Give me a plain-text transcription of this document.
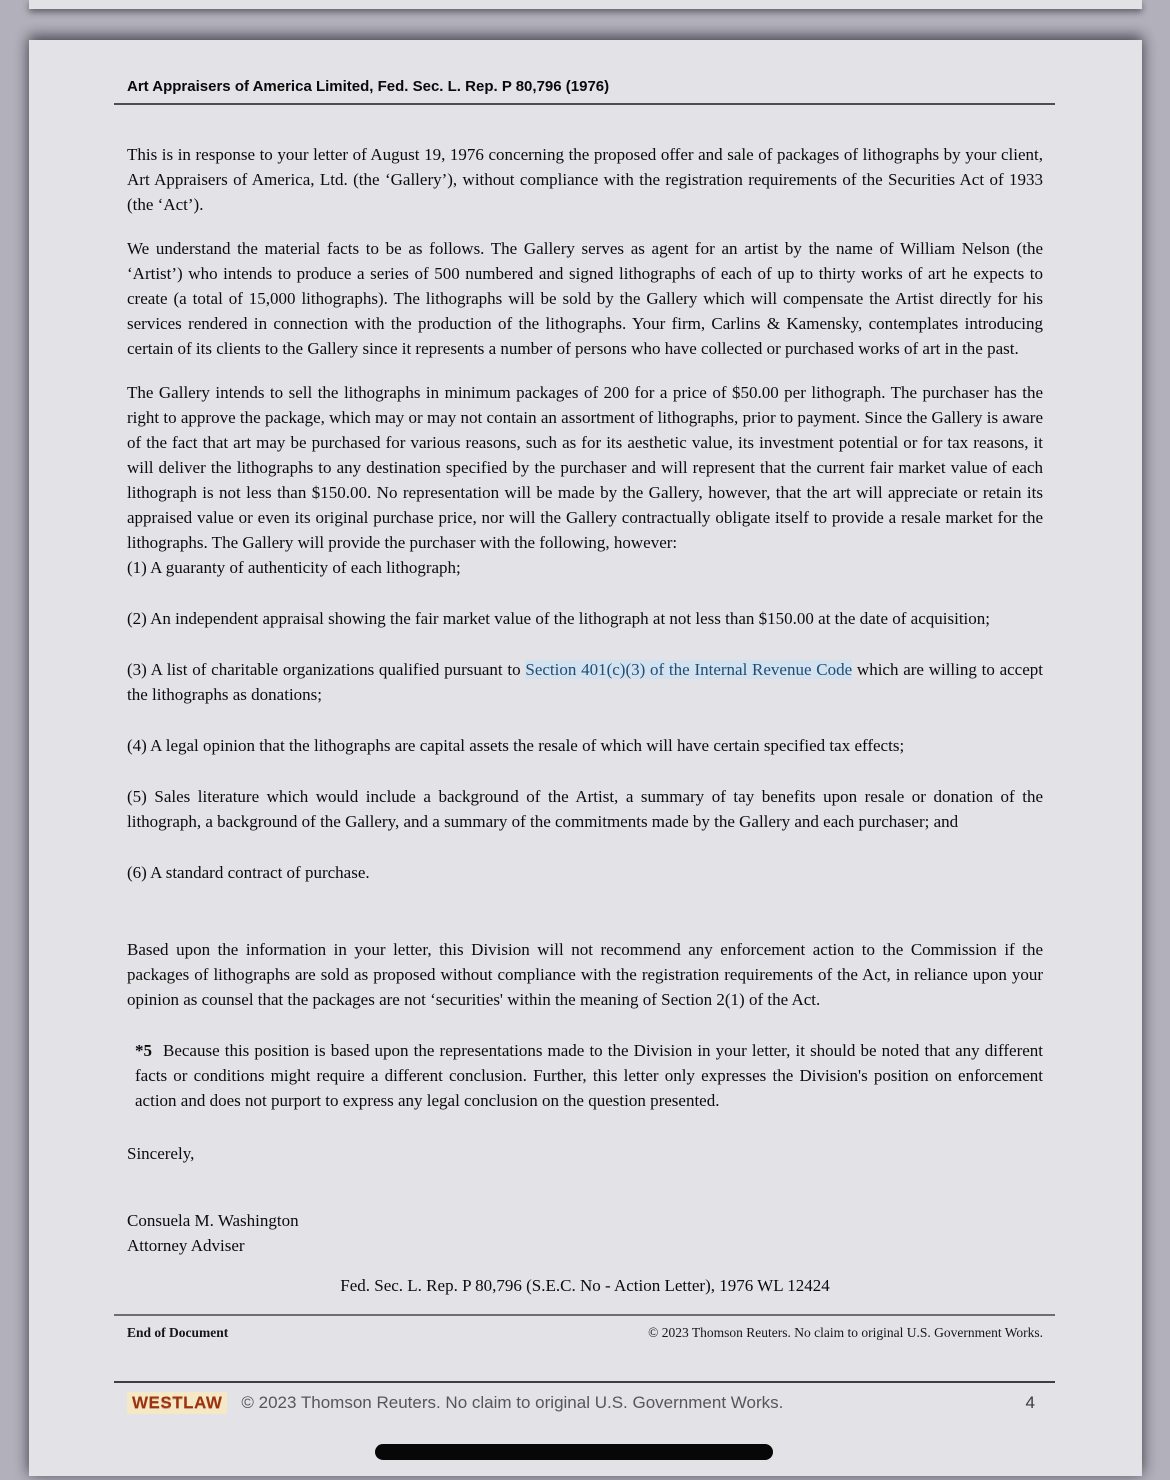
Art Appraisers of America Limited, Fed. Sec. L. Rep. P 80,796 (1976)

This is in response to your letter of August 19, 1976 concerning the proposed offer and sale of packages of lithographs by your client, Art Appraisers of America, Ltd. (the ‘Gallery’), without compliance with the registration requirements of the Securities Act of 1933 (the ‘Act’).

We understand the material facts to be as follows. The Gallery serves as agent for an artist by the name of William Nelson (the ‘Artist’) who intends to produce a series of 500 numbered and signed lithographs of each of up to thirty works of art he expects to create (a total of 15,000 lithographs). The lithographs will be sold by the Gallery which will compensate the Artist directly for his services rendered in connection with the production of the lithographs. Your firm, Carlins & Kamensky, contemplates introducing certain of its clients to the Gallery since it represents a number of persons who have collected or purchased works of art in the past.

The Gallery intends to sell the lithographs in minimum packages of 200 for a price of $50.00 per lithograph. The purchaser has the right to approve the package, which may or may not contain an assortment of lithographs, prior to payment. Since the Gallery is aware of the fact that art may be purchased for various reasons, such as for its aesthetic value, its investment potential or for tax reasons, it will deliver the lithographs to any destination specified by the purchaser and will represent that the current fair market value of each lithograph is not less than $150.00. No representation will be made by the Gallery, however, that the art will appreciate or retain its appraised value or even its original purchase price, nor will the Gallery contractually obligate itself to provide a resale market for the lithographs. The Gallery will provide the purchaser with the following, however:

(1) A guaranty of authenticity of each lithograph;

(2) An independent appraisal showing the fair market value of the lithograph at not less than $150.00 at the date of acquisition;

(3) A list of charitable organizations qualified pursuant to Section 401(c)(3) of the Internal Revenue Code which are willing to accept the lithographs as donations;

(4) A legal opinion that the lithographs are capital assets the resale of which will have certain specified tax effects;

(5) Sales literature which would include a background of the Artist, a summary of tay benefits upon resale or donation of the lithograph, a background of the Gallery, and a summary of the commitments made by the Gallery and each purchaser; and

(6) A standard contract of purchase.

Based upon the information in your letter, this Division will not recommend any enforcement action to the Commission if the packages of lithographs are sold as proposed without compliance with the registration requirements of the Act, in reliance upon your opinion as counsel that the packages are not ‘securities' within the meaning of Section 2(1) of the Act.

*5 Because this position is based upon the representations made to the Division in your letter, it should be noted that any different facts or conditions might require a different conclusion. Further, this letter only expresses the Division's position on enforcement action and does not purport to express any legal conclusion on the question presented.

Sincerely,

Consuela M. Washington

Attorney Adviser

Fed. Sec. L. Rep. P 80,796 (S.E.C. No - Action Letter), 1976 WL 12424

End of Document	© 2023 Thomson Reuters. No claim to original U.S. Government Works.
WESTLAW © 2023 Thomson Reuters. No claim to original U.S. Government Works.	4
